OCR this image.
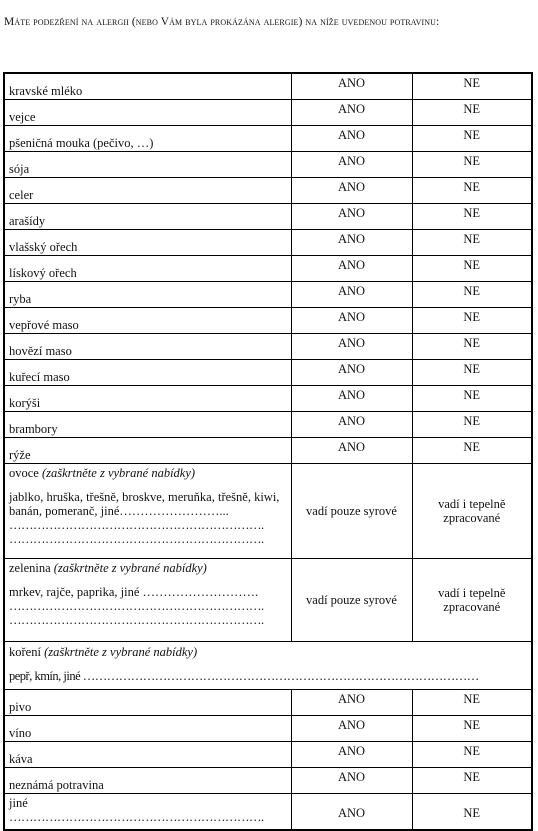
Máte podezření na alergii (nebo Vám byla prokázána alergie) na níže uvedenou potravinu:
kravské mléko	ANO	NE
vejce	ANO	NE
pšeničná mouka (pečivo, …)	ANO	NE
sója	ANO	NE
celer	ANO	NE
arašídy	ANO	NE
vlašský ořech	ANO	NE
lískový ořech	ANO	NE
ryba	ANO	NE
vepřové maso	ANO	NE
hovězí maso	ANO	NE
kuřecí maso	ANO	NE
korýši	ANO	NE
brambory	ANO	NE
rýže	ANO	NE
ovoce (zaškrtněte z vybrané nabídky)
jablko, hruška, třešně, broskve, meruňka, třešně, kiwi, banán, pomeranč, jiné……………………...
……………………………………………………….
……………………………………………………….	vadí pouze syrové	vadí i tepelně zpracované
zelenina (zaškrtněte z vybrané nabídky)
mrkev, rajče, paprika, jiné ……………………….
……………………………………………………….
……………………………………………………….	vadí pouze syrové	vadí i tepelně zpracované
koření (zaškrtněte z vybrané nabídky)
pepř, kmín, jiné ………………………………………………………………………………………		

pivo	ANO	NE
víno	ANO	NE
káva	ANO	NE
neznámá potravina	ANO	NE

jiné
……………………………………………………….	ANO	NE
